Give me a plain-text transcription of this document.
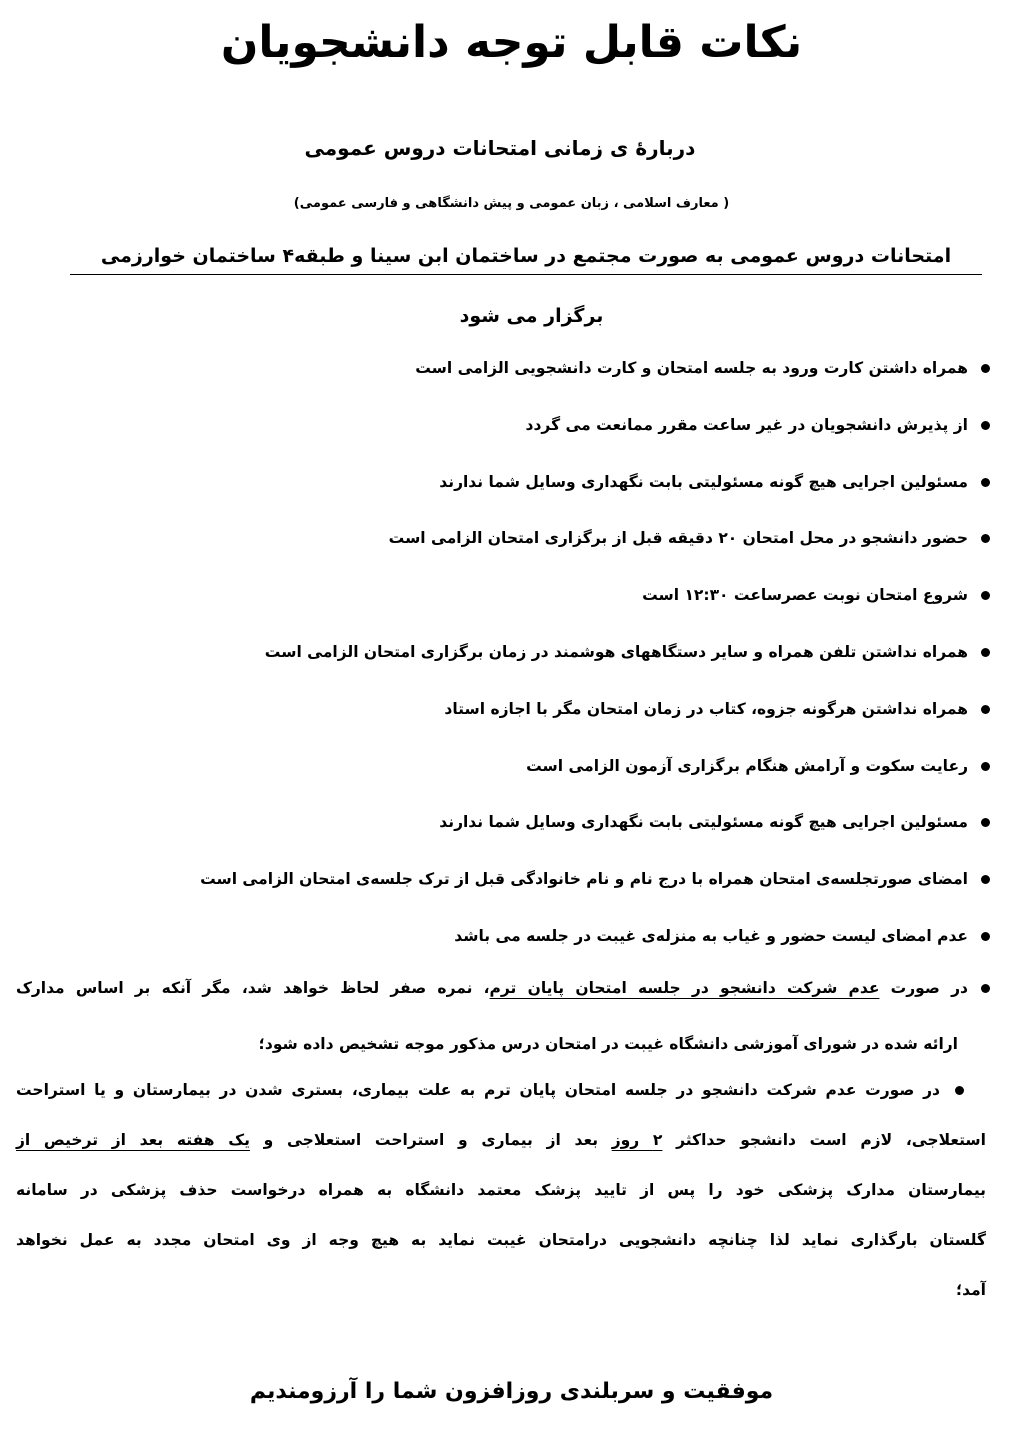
نکات قابل توجه دانشجویان
دربارۀ ی زمانی امتحانات دروس عمومی
( معارف اسلامی ، زبان عمومی و پیش دانشگاهی و فارسی عمومی)
امتحانات دروس عمومی به صورت مجتمع در ساختمان ابن سینا و طبقه۴ ساختمان خوارزمی
برگزار می شود
همراه داشتن کارت ورود به جلسه امتحان و کارت دانشجویی الزامی است
از پذیرش دانشجویان در غیر ساعت مقرر ممانعت می گردد
مسئولین اجرایی هیچ گونه مسئولیتی بابت نگهداری وسایل شما ندارند
حضور دانشجو در محل امتحان ۲۰ دقیقه قبل از برگزاری امتحان الزامی است
شروع امتحان نوبت عصرساعت ۱۲:۳۰ است
همراه نداشتن تلفن همراه و سایر دستگاههای هوشمند در زمان برگزاری امتحان الزامی است
همراه نداشتن هرگونه جزوه، کتاب در زمان امتحان مگر با اجازه استاد
رعایت سکوت و آرامش هنگام برگزاری آزمون الزامی است
مسئولین اجرایی هیچ گونه مسئولیتی بابت نگهداری وسایل شما ندارند
امضای صورتجلسه‌ی امتحان همراه با درج نام و نام خانوادگی قبل از ترک جلسه‌ی امتحان الزامی است
عدم امضای لیست حضور و غیاب به منزله‌ی غیبت در جلسه می باشد
در صورت عدم شرکت دانشجو در جلسه امتحان پایان ترم، نمره صفر لحاظ خواهد شد، مگر آنکه بر اساس مدارک
ارائه شده در شورای آموزشی دانشگاه غیبت در امتحان درس مذکور موجه تشخیص داده شود؛
در صورت عدم شرکت دانشجو در جلسه امتحان پایان ترم به علت بیماری، بستری شدن در بیمارستان و یا استراحت
استعلاجی، لازم است دانشجو حداکثر ۲ روز بعد از بیماری و استراحت استعلاجی و یک هفته بعد از ترخیص از
بیمارستان مدارک پزشکی خود را پس از تایید پزشک معتمد دانشگاه به همراه درخواست حذف پزشکی در سامانه
گلستان بارگذاری نماید لذا چنانچه دانشجویی درامتحان غیبت نماید به هیچ وجه از وی امتحان مجدد به عمل نخواهد
آمد؛
موفقیت و سربلندی روزافزون شما را آرزومندیم
